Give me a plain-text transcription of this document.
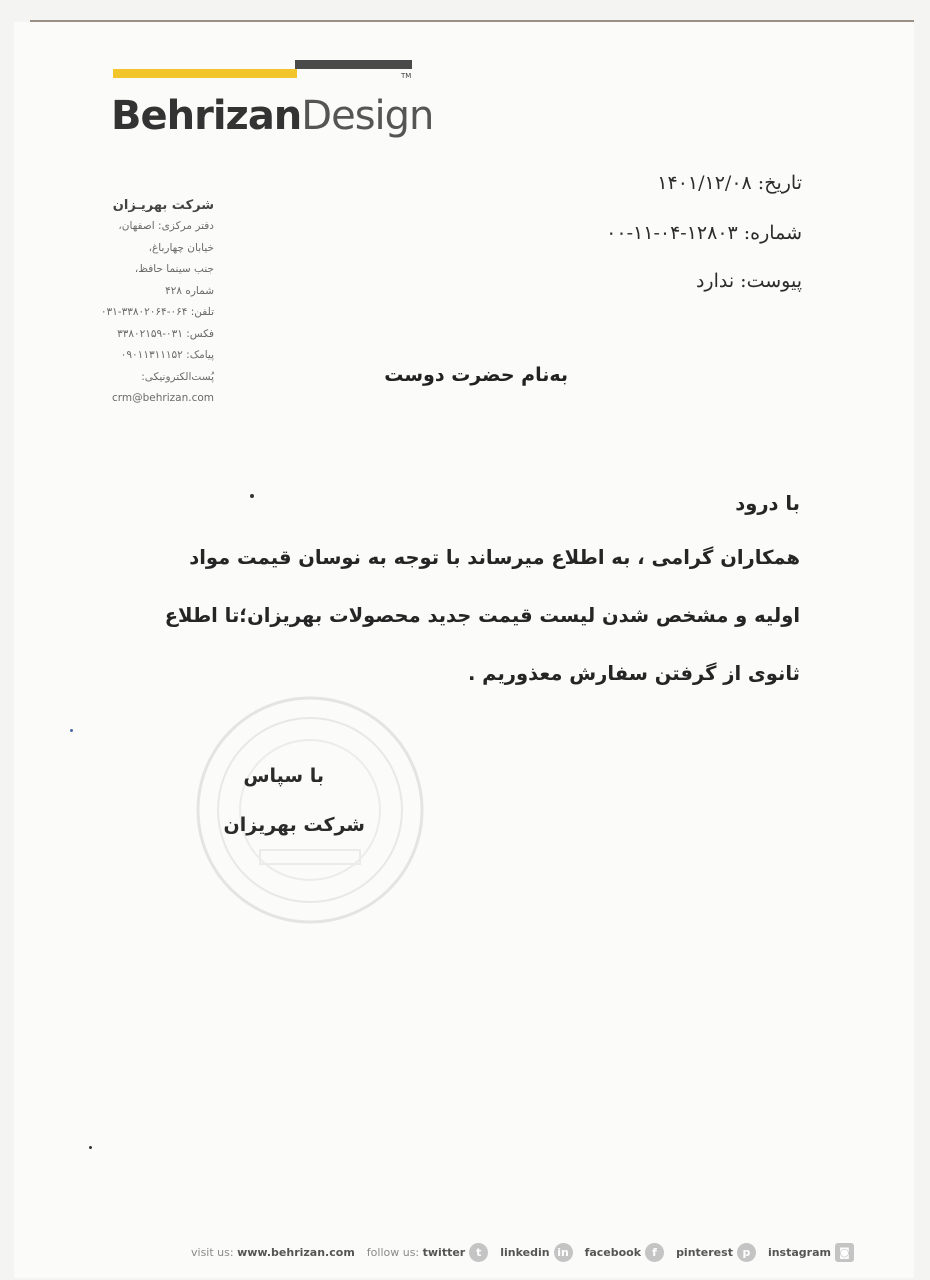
TM
BehrizanDesign
شرکت بهریـزان
دفتر مرکزی: اصفهان،
خیابان چهارباغ،
جنب سینما حافظ،
شماره ۴۲۸
تلفن: ۰۶۴-۳۳۸۰۲۰۶۴-۰۳۱
فکس: ۰۳۱-۳۳۸۰۲۱۵۹
پیامک: ۰۹۰۱۱۳۱۱۱۵۲
پُست‌الکترونیکی:
crm@behrizan.com
تاریخ: ۱۴۰۱/۱۲/۰۸
شماره: ۱۲۸۰۳-۰۴-۱۱-۰۰
پیوست: ندارد
به‌نام حضرت دوست
با درود
همکاران گرامی ، به اطلاع میرساند با توجه به نوسان قیمت مواد
اولیه و مشخص شدن لیست قیمت جدید محصولات بهریزان؛تا اطلاع
ثانوی از گرفتن سفارش معذوریم .
با سپاس
شرکت بهریزان
visit us:
www.behrizan.com follow us:
twitter t	linkedin in	facebook	f	pinterest p	instagram ◙
